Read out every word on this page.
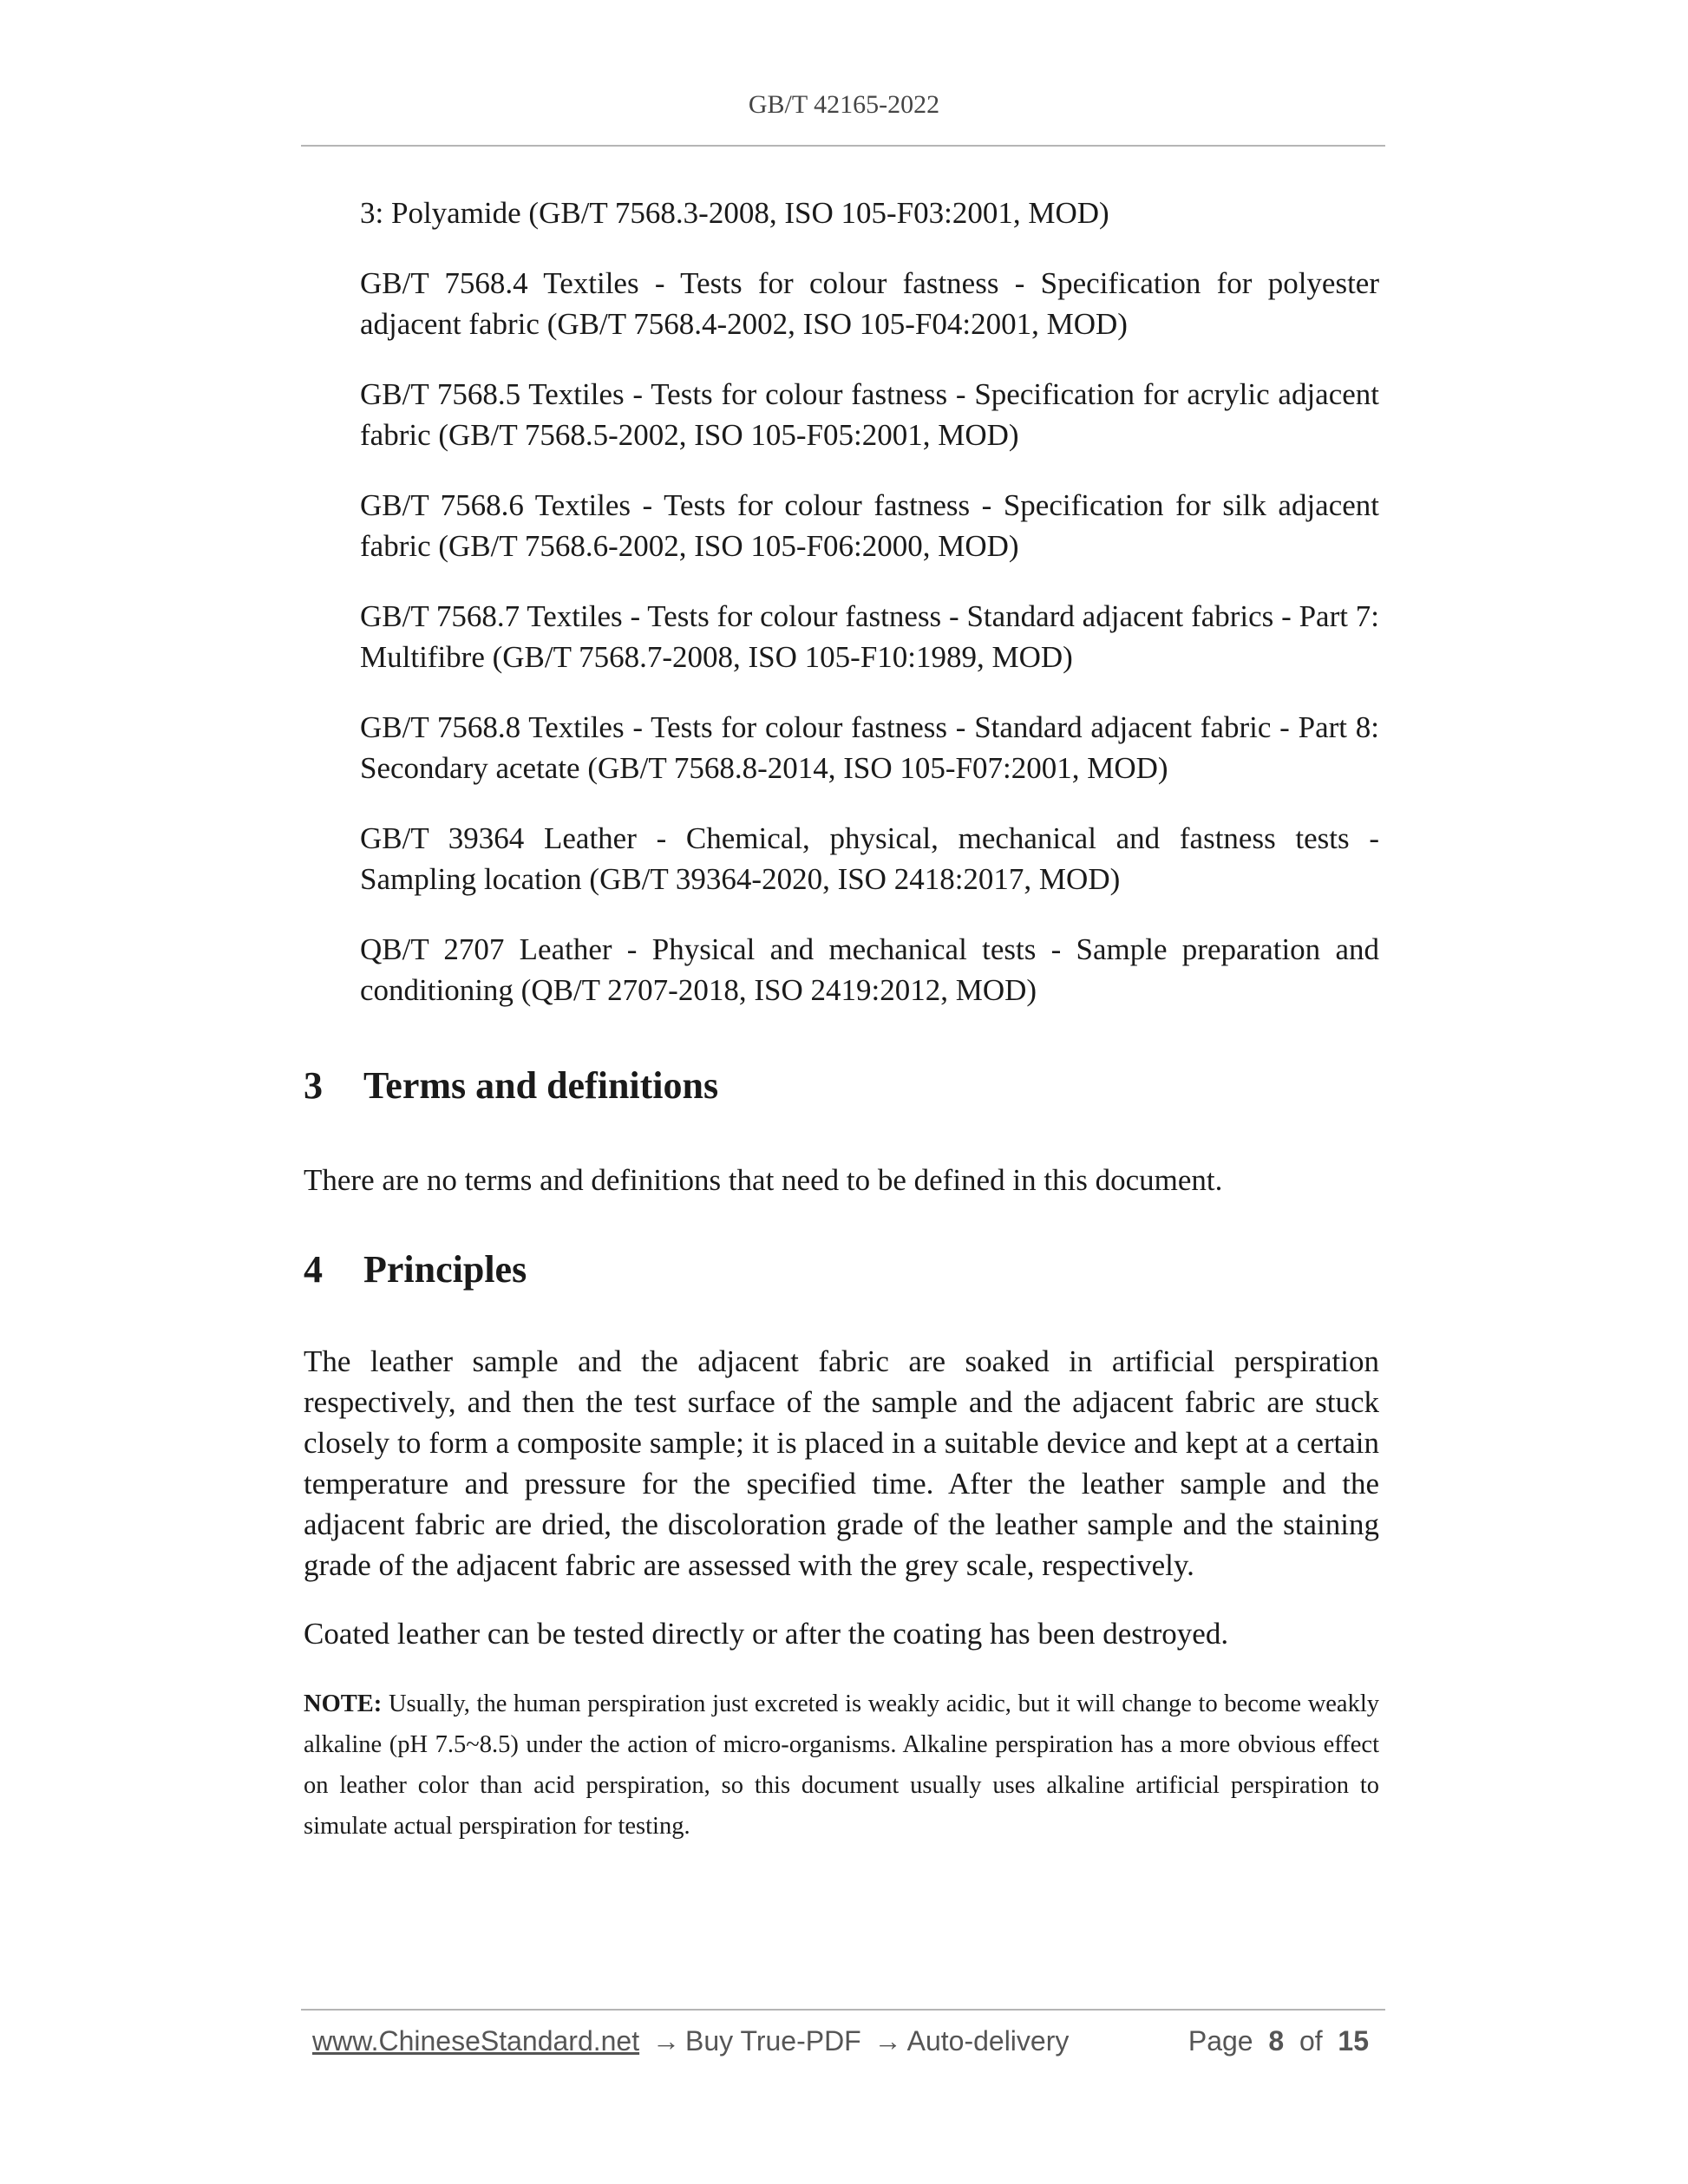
GB/T 42165-2022

3: Polyamide (GB/T 7568.3-2008, ISO 105-F03:2001, MOD)

GB/T 7568.4 Textiles - Tests for colour fastness - Specification for polyester adjacent fabric (GB/T 7568.4-2002, ISO 105-F04:2001, MOD)

GB/T 7568.5 Textiles - Tests for colour fastness - Specification for acrylic adjacent fabric (GB/T 7568.5-2002, ISO 105-F05:2001, MOD)

GB/T 7568.6 Textiles - Tests for colour fastness - Specification for silk adjacent fabric (GB/T 7568.6-2002, ISO 105-F06:2000, MOD)

GB/T 7568.7 Textiles - Tests for colour fastness - Standard adjacent fabrics - Part 7: Multifibre (GB/T 7568.7-2008, ISO 105-F10:1989, MOD)

GB/T 7568.8 Textiles - Tests for colour fastness - Standard adjacent fabric - Part 8: Secondary acetate (GB/T 7568.8-2014, ISO 105-F07:2001, MOD)

GB/T 39364 Leather - Chemical, physical, mechanical and fastness tests - Sampling location (GB/T 39364-2020, ISO 2418:2017, MOD)

QB/T 2707 Leather - Physical and mechanical tests - Sample preparation and conditioning (QB/T 2707-2018, ISO 2419:2012, MOD)

3 Terms and definitions

There are no terms and definitions that need to be defined in this document.

4 Principles

The leather sample and the adjacent fabric are soaked in artificial perspiration respectively, and then the test surface of the sample and the adjacent fabric are stuck closely to form a composite sample; it is placed in a suitable device and kept at a certain temperature and pressure for the specified time. After the leather sample and the adjacent fabric are dried, the discoloration grade of the leather sample and the staining grade of the adjacent fabric are assessed with the grey scale, respectively.

Coated leather can be tested directly or after the coating has been destroyed.

NOTE: Usually, the human perspiration just excreted is weakly acidic, but it will change to become weakly alkaline (pH 7.5~8.5) under the action of micro-organisms. Alkaline perspiration has a more obvious effect on leather color than acid perspiration, so this document usually uses alkaline artificial perspiration to simulate actual perspiration for testing.

www.ChineseStandard.net → Buy True-PDF → Auto-delivery	Page 8 of 15
